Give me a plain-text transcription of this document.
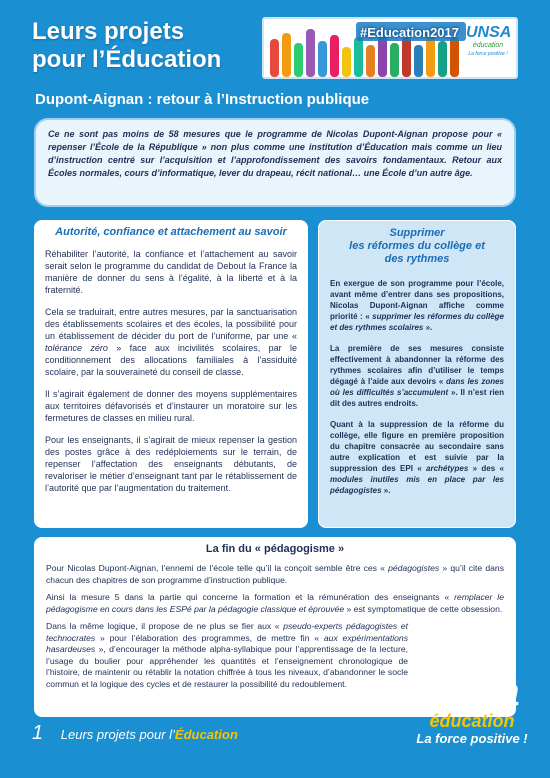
Leurs projets
pour l’Éducation
#Education2017 UNSA
éducation
La force positive !
Dupont-Aignan : retour à l’Instruction publique
Ce ne sont pas moins de 58 mesures que le programme de Nicolas Dupont-Aignan propose pour « repenser l’École de la République » non plus comme une institution d’Éducation mais comme un lieu d’instruction centré sur l’acquisition et l’approfondissement des savoirs fondamentaux. Retour aux Écoles normales, cours d’informatique, lever du drapeau, récit national… une École d’un autre âge.
Autorité, confiance et attachement au savoir

Réhabiliter l’autorité, la confiance et l’attachement au savoir serait selon le programme du candidat de Debout la France la manière de donner du sens à l’égalité, à la liberté et à la fraternité.

Cela se traduirait, entre autres mesures, par la sanctuarisation des établissements scolaires et des écoles, la possibilité pour un établissement de décider du port de l’uniforme, par une « tolérance zéro » face aux incivilités scolaires, par le conditionnement des allocations familiales à l’assiduité scolaire, par la souveraineté du conseil de classe.

Il s’agirait également de donner des moyens supplémentaires aux territoires défavorisés et d’instaurer un moratoire sur les fermetures de classes en milieu rural.

Pour les enseignants, il s’agirait de mieux repenser la gestion des postes grâce à des redéploiements sur le terrain, de repenser l’affectation des enseignants débutants, de revaloriser le métier d’enseignant tant par le rétablissement de l’autorité que par l’augmentation du traitement.

Supprimer
les réformes du collège et
des rythmes

En exergue de son programme pour l’école, avant même d’entrer dans ses propositions, Nicolas Dupont-Aignan affiche comme priorité : « supprimer les réformes du collège et des rythmes scolaires ».

La première de ses mesures consiste effectivement à abandonner la réforme des rythmes scolaires afin d’utiliser le temps dégagé à l’aide aux devoirs « dans les zones où les difficultés s’accumulent ». Il n’est rien dit des autres endroits.

Quant à la suppression de la réforme du collège, elle figure en première proposition du chapitre consacrée au secondaire sans autre explication et est suivie par la suppression des EPI « archétypes » des « modules inutiles mis en place par les pédagogistes ».

La fin du « pédagogisme »

Pour Nicolas Dupont-Aignan, l’ennemi de l’école telle qu’il la conçoit semble être ces « pédagogistes » qu’il cite dans chacun des chapitres de son programme d’instruction publique.

Ainsi la mesure 5 dans la partie qui concerne la formation et la rémunération des enseignants « remplacer le pédagogisme en cours dans les ESPé par la pédagogie classique et éprouvée » est symptomatique de cette obsession.

Dans la même logique, il propose de ne plus se fier aux « pseudo-experts pédagogistes et technocrates » pour l’élaboration des programmes, de mettre fin « aux expérimentations hasardeuses », d’encourager la méthode alpha-syllabique pour l’apprentissage de la lecture, l’usage du boulier pour appréhender les quantités et l’enseignement chronologique de l’histoire, de maintenir ou rétablir la notation chiffrée à tous les niveaux, d’abandonner le socle commun et la logique des cycles et de restaurer la possibilité du redoublement.	unsa
éducation
La force positive !
1 Leurs projets pour l’Éducation
